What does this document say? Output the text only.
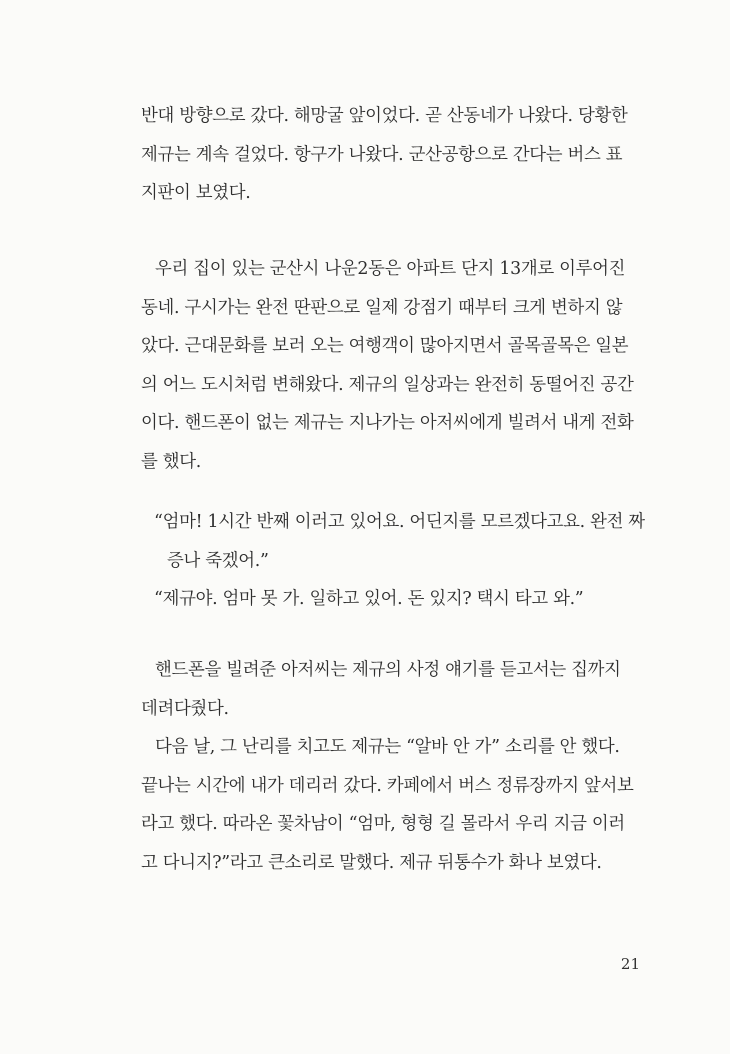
반대 방향으로 갔다. 해망굴 앞이었다. 곧 산동네가 나왔다. 당황한
제규는 계속 걸었다. 항구가 나왔다. 군산공항으로 간다는 버스 표
지판이 보였다.
우리 집이 있는 군산시 나운2동은 아파트 단지 13개로 이루어진
동네. 구시가는 완전 딴판으로 일제 강점기 때부터 크게 변하지 않
았다. 근대문화를 보러 오는 여행객이 많아지면서 골목골목은 일본
의 어느 도시처럼 변해왔다. 제규의 일상과는 완전히 동떨어진 공간
이다. 핸드폰이 없는 제규는 지나가는 아저씨에게 빌려서 내게 전화
를 했다.
“엄마! 1시간 반째 이러고 있어요. 어딘지를 모르겠다고요. 완전 짜
증나 죽겠어.”
“제규야. 엄마 못 가. 일하고 있어. 돈 있지? 택시 타고 와.”
핸드폰을 빌려준 아저씨는 제규의 사정 얘기를 듣고서는 집까지
데려다줬다.
다음 날, 그 난리를 치고도 제규는 “알바 안 가” 소리를 안 했다.
끝나는 시간에 내가 데리러 갔다. 카페에서 버스 정류장까지 앞서보
라고 했다. 따라온 꽃차남이 “엄마, 형형 길 몰라서 우리 지금 이러
고 다니지?”라고 큰소리로 말했다. 제규 뒤통수가 화나 보였다.
21
